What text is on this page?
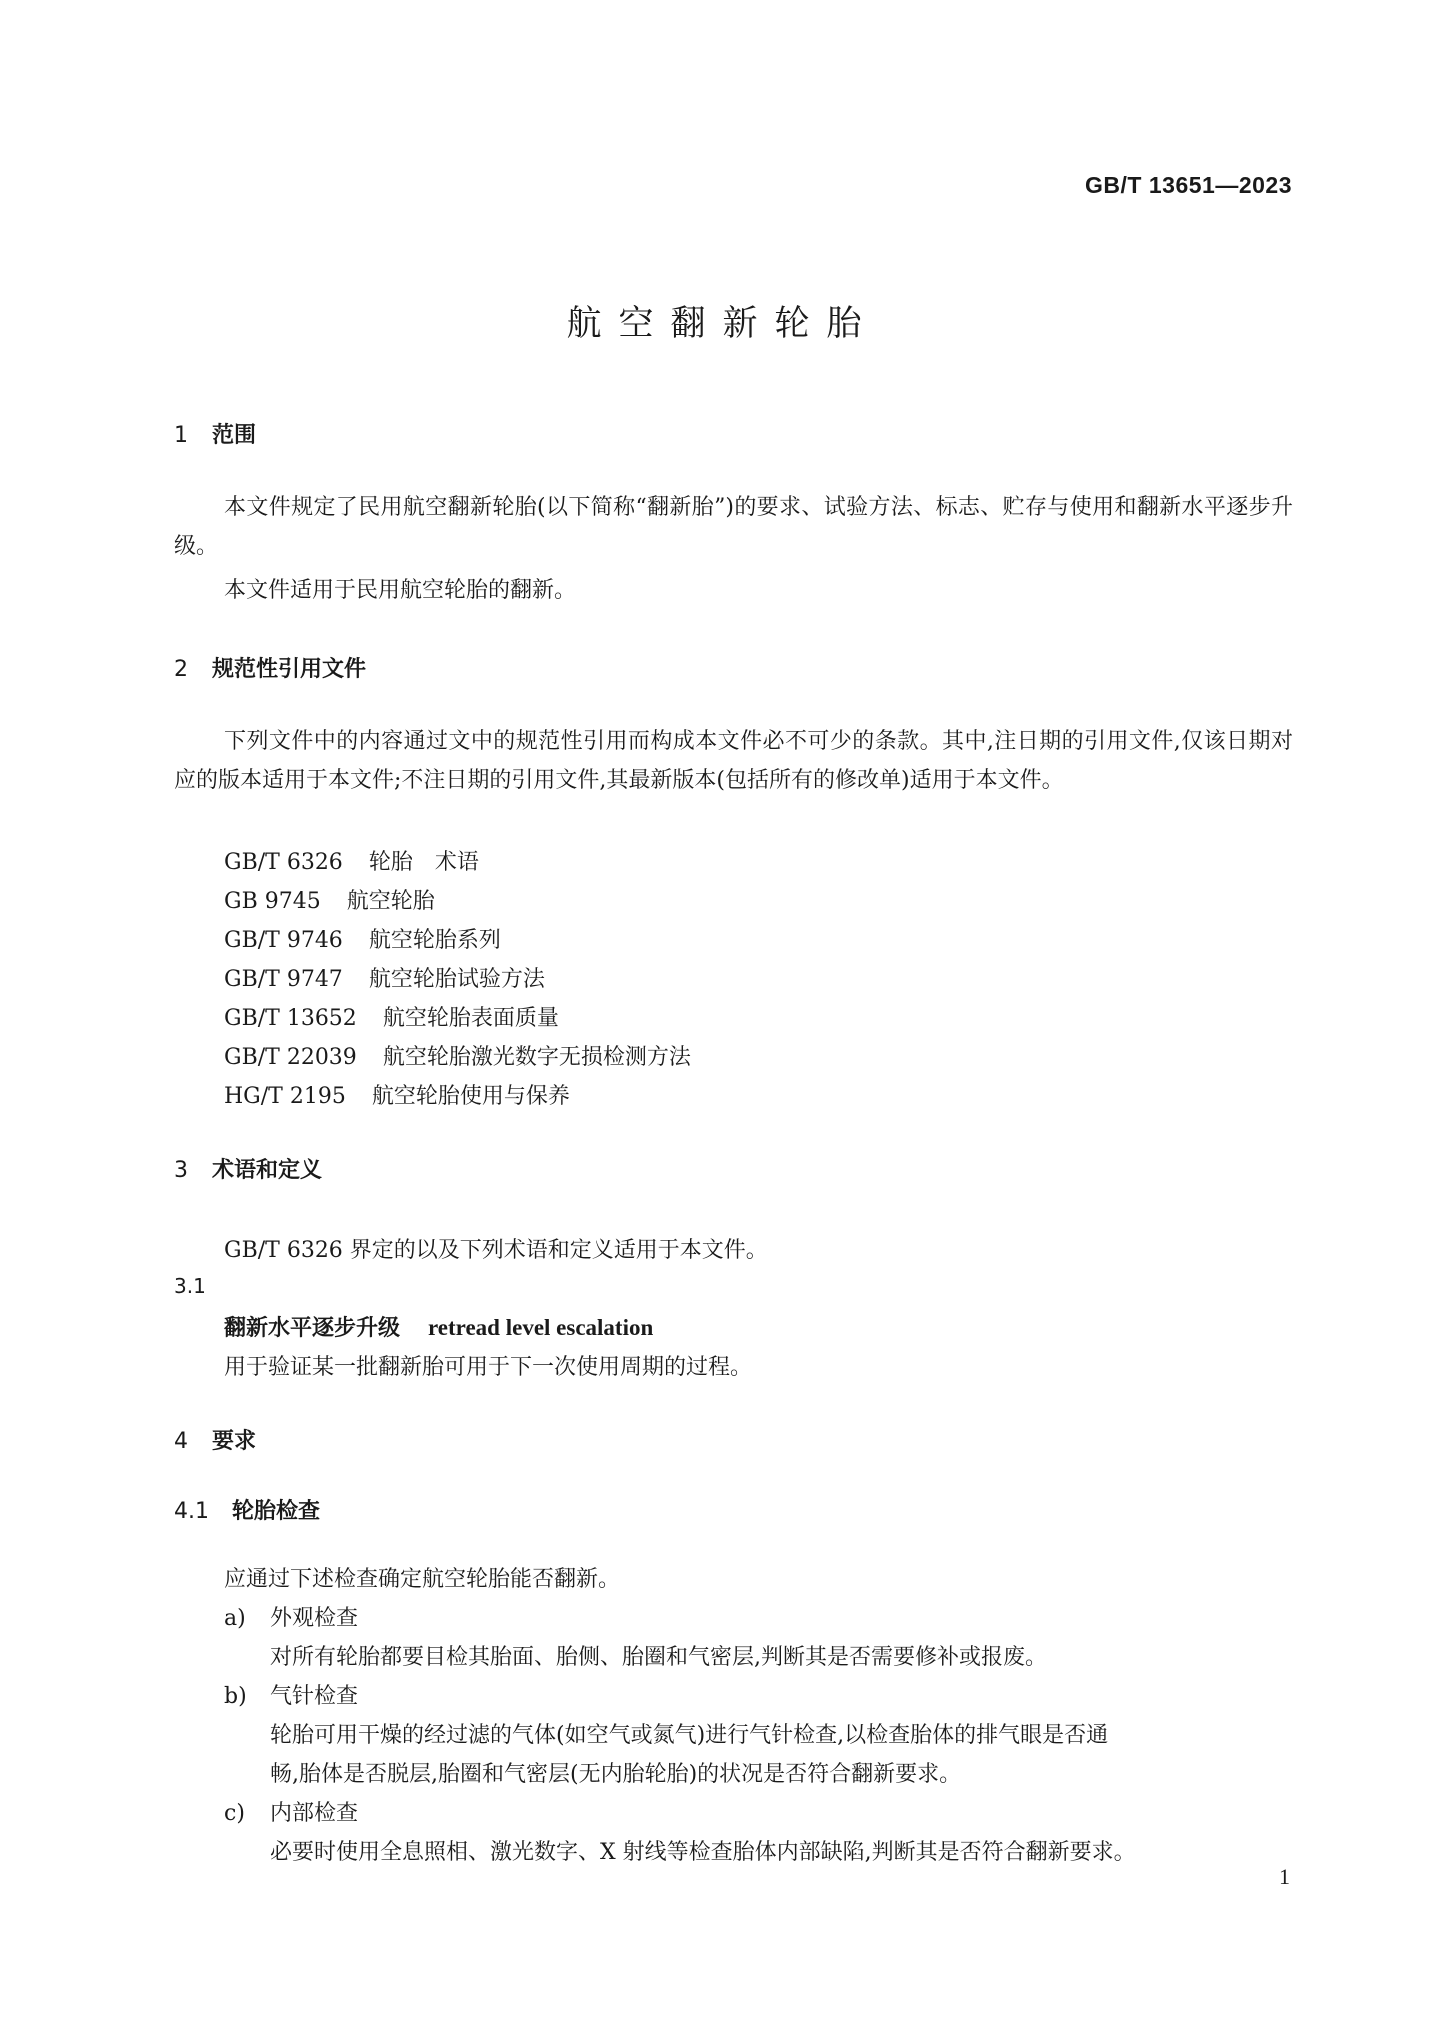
GB/T 13651—2023
航空翻新轮胎
1 范围
本文件规定了民用航空翻新轮胎(以下简称“翻新胎”)的要求、试验方法、标志、贮存与使用和翻新水平逐步升级。
本文件适用于民用航空轮胎的翻新。
2 规范性引用文件
下列文件中的内容通过文中的规范性引用而构成本文件必不可少的条款。其中,注日期的引用文件,仅该日期对应的版本适用于本文件;不注日期的引用文件,其最新版本(包括所有的修改单)适用于本文件。
GB/T 6326 轮胎　术语
GB 9745 航空轮胎
GB/T 9746 航空轮胎系列
GB/T 9747 航空轮胎试验方法
GB/T 13652 航空轮胎表面质量
GB/T 22039 航空轮胎激光数字无损检测方法
HG/T 2195 航空轮胎使用与保养
3 术语和定义
GB/T 6326 界定的以及下列术语和定义适用于本文件。
3.1
翻新水平逐步升级 retread level escalation
用于验证某一批翻新胎可用于下一次使用周期的过程。
4 要求
4.1 轮胎检查
应通过下述检查确定航空轮胎能否翻新。
a) 外观检查
对所有轮胎都要目检其胎面、胎侧、胎圈和气密层,判断其是否需要修补或报废。
b) 气针检查
轮胎可用干燥的经过滤的气体(如空气或氮气)进行气针检查,以检查胎体的排气眼是否通
畅,胎体是否脱层,胎圈和气密层(无内胎轮胎)的状况是否符合翻新要求。
c) 内部检查
必要时使用全息照相、激光数字、X 射线等检查胎体内部缺陷,判断其是否符合翻新要求。
1
